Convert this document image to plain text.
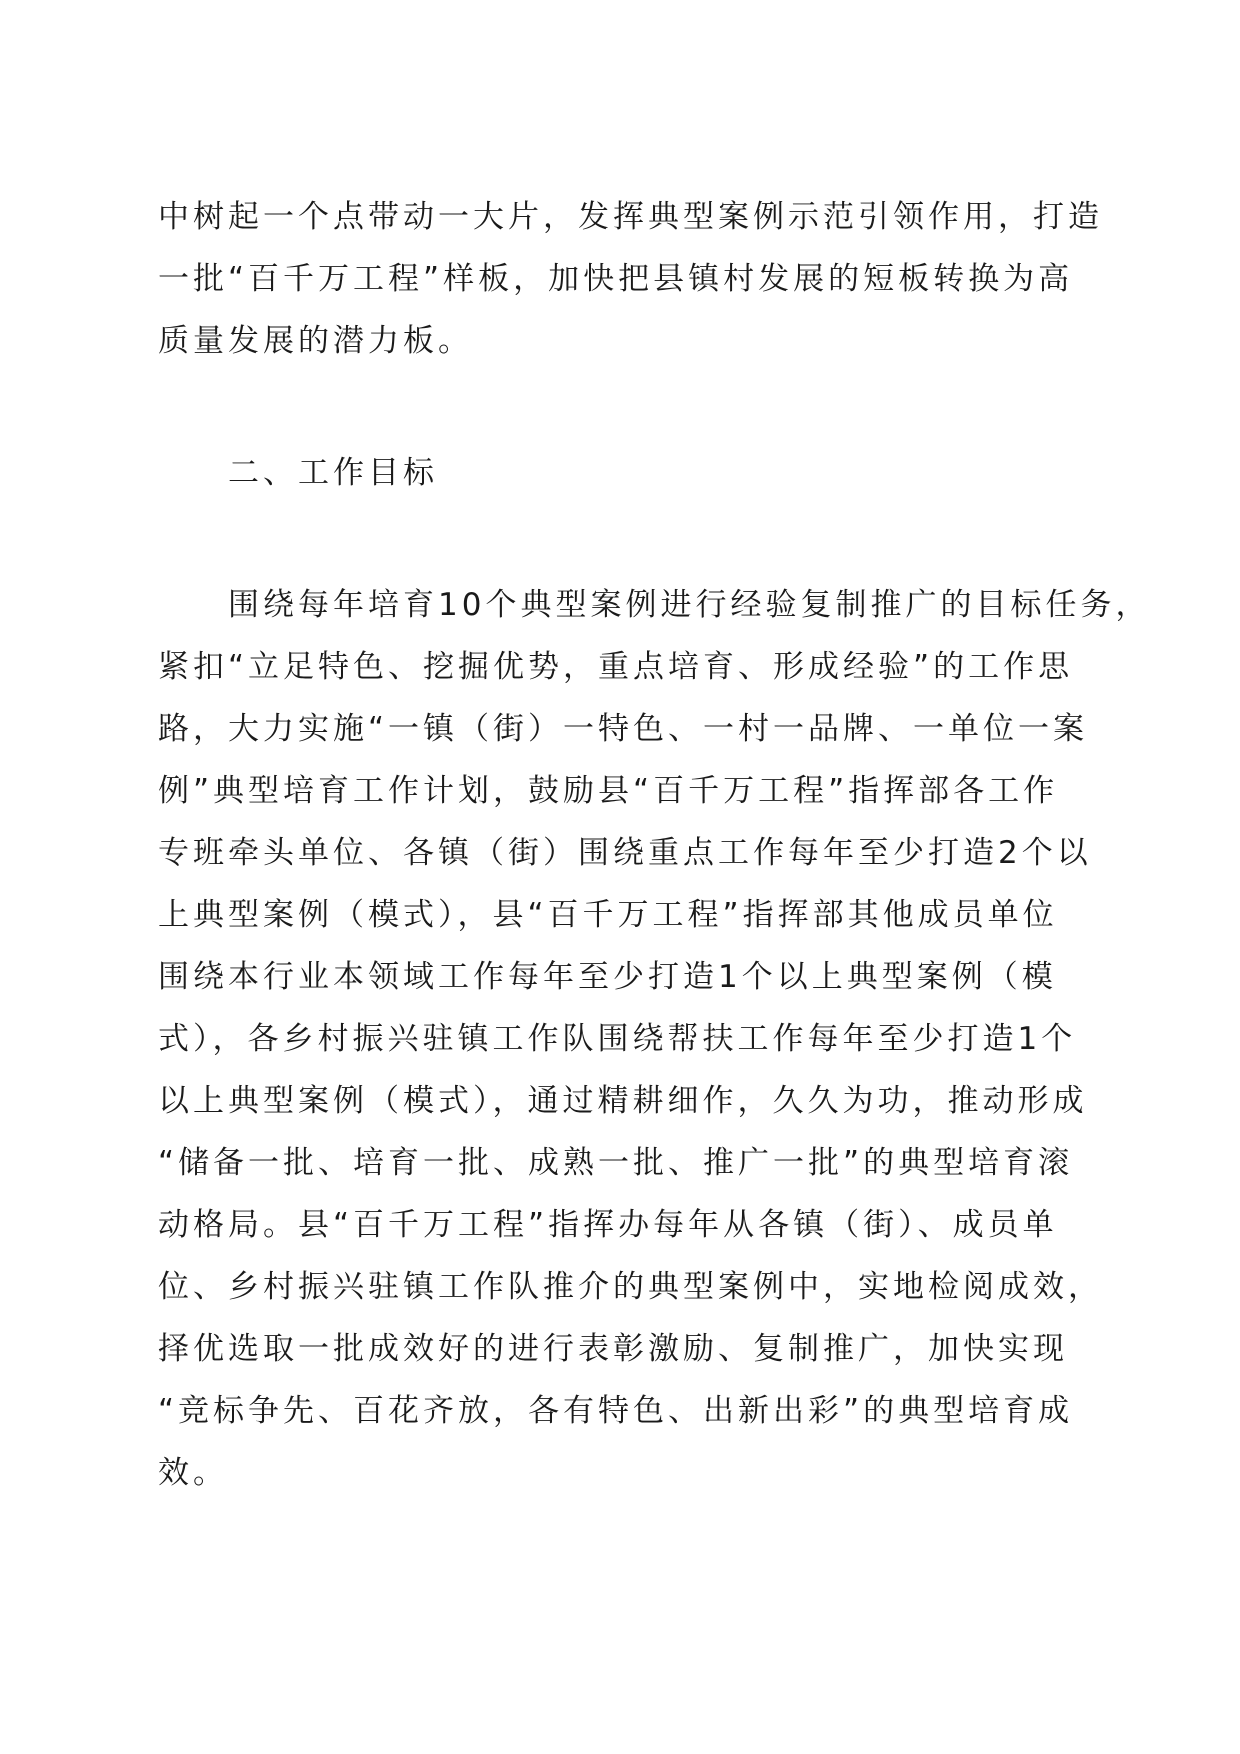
中树起一个点带动一大片，发挥典型案例示范引领作用，打造
一批“百千万工程”样板，加快把县镇村发展的短板转换为高
质量发展的潜力板。
　　二、工作目标
　　围绕每年培育10个典型案例进行经验复制推广的目标任务，
紧扣“立足特色、挖掘优势，重点培育、形成经验”的工作思
路，大力实施“一镇（街）一特色、一村一品牌、一单位一案
例”典型培育工作计划，鼓励县“百千万工程”指挥部各工作
专班牵头单位、各镇（街）围绕重点工作每年至少打造2个以
上典型案例（模式），县“百千万工程”指挥部其他成员单位
围绕本行业本领域工作每年至少打造1个以上典型案例（模
式），各乡村振兴驻镇工作队围绕帮扶工作每年至少打造1个
以上典型案例（模式），通过精耕细作，久久为功，推动形成
“储备一批、培育一批、成熟一批、推广一批”的典型培育滚
动格局。县“百千万工程”指挥办每年从各镇（街）、成员单
位、乡村振兴驻镇工作队推介的典型案例中，实地检阅成效，
择优选取一批成效好的进行表彰激励、复制推广，加快实现
“竞标争先、百花齐放，各有特色、出新出彩”的典型培育成
效。
